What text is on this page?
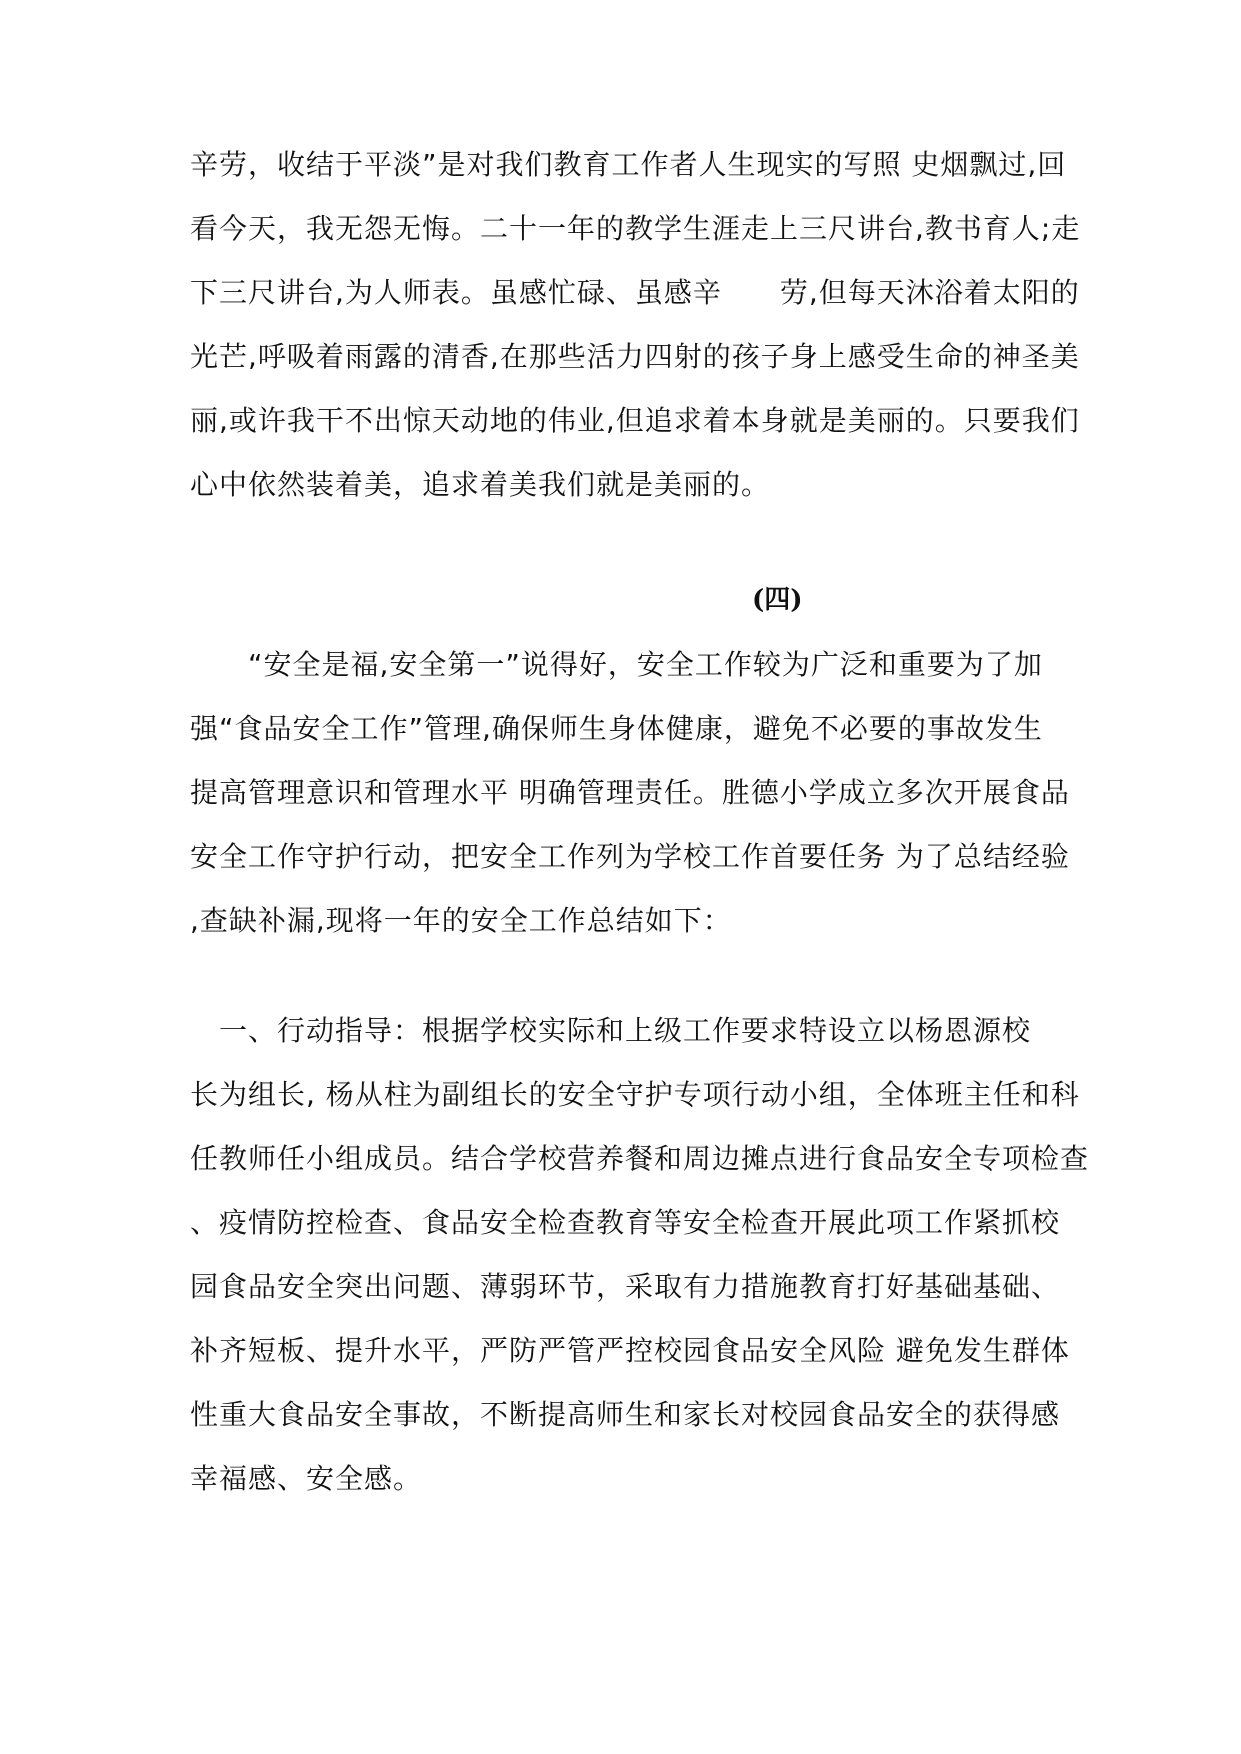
辛劳，收结于平淡”是对我们教育工作者人生现实的写照 史烟飘过,回
看今天，我无怨无悔。二十一年的教学生涯走上三尺讲台,教书育人;走
下三尺讲台,为人师表。虽感忙碌、虽感辛　　劳,但每天沐浴着太阳的
光芒,呼吸着雨露的清香,在那些活力四射的孩子身上感受生命的神圣美
丽,或许我干不出惊天动地的伟业,但追求着本身就是美丽的。只要我们
心中依然装着美，追求着美我们就是美丽的。
(四)
　　“安全是福,安全第一”说得好，安全工作较为广泛和重要为了加
强“食品安全工作”管理,确保师生身体健康，避免不必要的事故发生
提高管理意识和管理水平 明确管理责任。胜德小学成立多次开展食品
安全工作守护行动，把安全工作列为学校工作首要任务 为了总结经验
,查缺补漏,现将一年的安全工作总结如下：
　一、行动指导：根据学校实际和上级工作要求特设立以杨恩源校
长为组长, 杨从柱为副组长的安全守护专项行动小组，全体班主任和科
任教师任小组成员。结合学校营养餐和周边摊点进行食品安全专项检查
、疫情防控检查、食品安全检查教育等安全检查开展此项工作紧抓校
园食品安全突出问题、薄弱环节，采取有力措施教育打好基础基础、
补齐短板、提升水平，严防严管严控校园食品安全风险 避免发生群体
性重大食品安全事故，不断提高师生和家长对校园食品安全的获得感
幸福感、安全感。
